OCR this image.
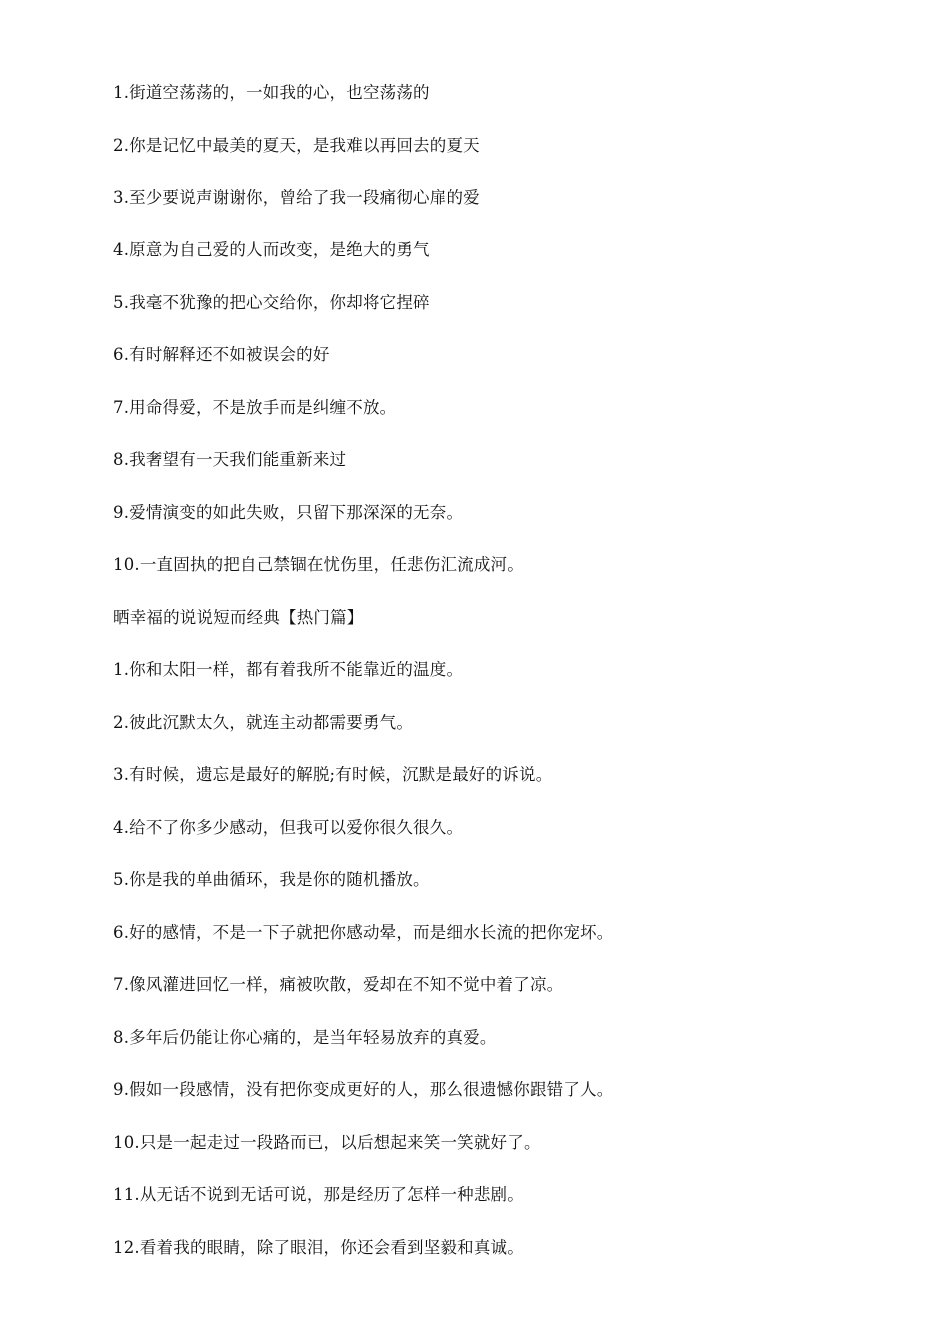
1.街道空荡荡的，一如我的心，也空荡荡的
2.你是记忆中最美的夏天，是我难以再回去的夏天
3.至少要说声谢谢你，曾给了我一段痛彻心扉的爱
4.原意为自己爱的人而改变，是绝大的勇气
5.我毫不犹豫的把心交给你，你却将它捏碎
6.有时解释还不如被误会的好
7.用命得爱，不是放手而是纠缠不放。
8.我奢望有一天我们能重新来过
9.爱情演变的如此失败，只留下那深深的无奈。
10.一直固执的把自己禁锢在忧伤里，任悲伤汇流成河。
晒幸福的说说短而经典【热门篇】
1.你和太阳一样，都有着我所不能靠近的温度。
2.彼此沉默太久，就连主动都需要勇气。
3.有时候，遗忘是最好的解脱;有时候，沉默是最好的诉说。
4.给不了你多少感动，但我可以爱你很久很久。
5.你是我的单曲循环，我是你的随机播放。
6.好的感情，不是一下子就把你感动晕，而是细水长流的把你宠坏。
7.像风灌进回忆一样，痛被吹散，爱却在不知不觉中着了凉。
8.多年后仍能让你心痛的，是当年轻易放弃的真爱。
9.假如一段感情，没有把你变成更好的人，那么很遗憾你跟错了人。
10.只是一起走过一段路而已，以后想起来笑一笑就好了。
11.从无话不说到无话可说，那是经历了怎样一种悲剧。
12.看着我的眼睛，除了眼泪，你还会看到坚毅和真诚。
